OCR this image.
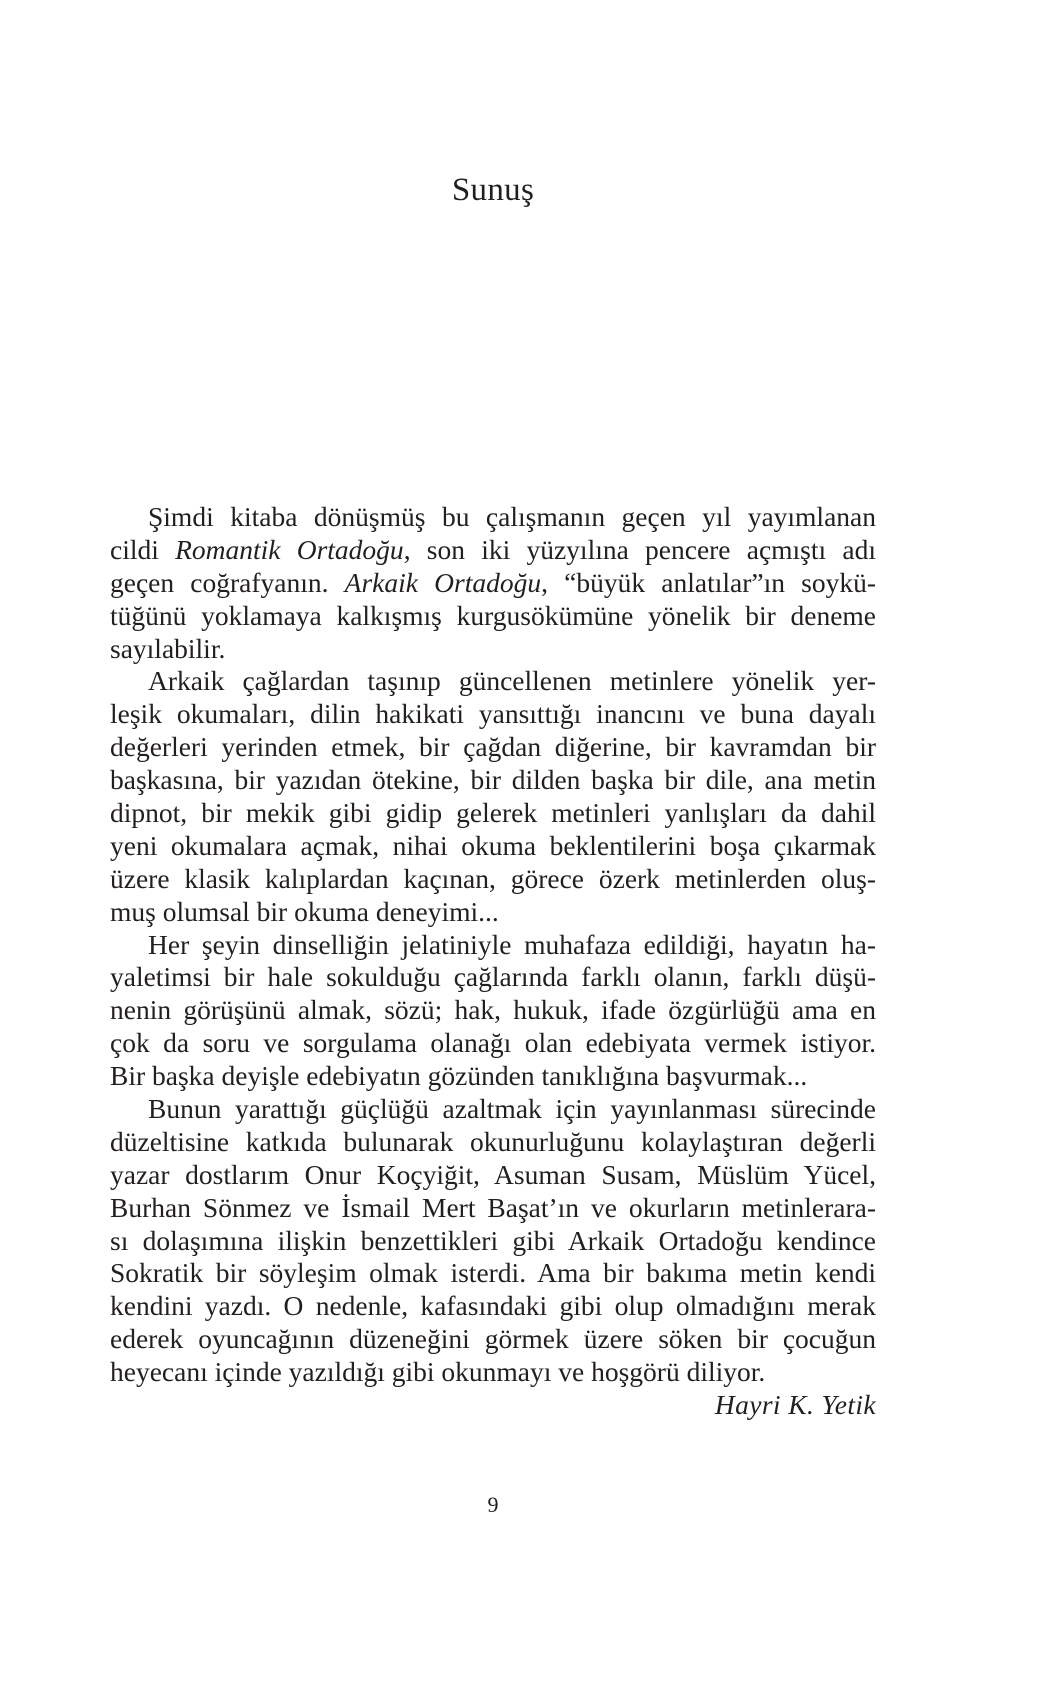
Sunuş
Şimdi kitaba dönüşmüş bu çalışmanın geçen yıl yayımlanan
cildi Romantik Ortadoğu, son iki yüzyılına pencere açmıştı adı
geçen coğrafyanın. Arkaik Ortadoğu, “büyük anlatılar”ın soykü-
tüğünü yoklamaya kalkışmış kurgusökümüne yönelik bir deneme
sayılabilir.
Arkaik çağlardan taşınıp güncellenen metinlere yönelik yer-
leşik okumaları, dilin hakikati yansıttığı inancını ve buna dayalı
değerleri yerinden etmek, bir çağdan diğerine, bir kavramdan bir
başkasına, bir yazıdan ötekine, bir dilden başka bir dile, ana metin
dipnot, bir mekik gibi gidip gelerek metinleri yanlışları da dahil
yeni okumalara açmak, nihai okuma beklentilerini boşa çıkarmak
üzere klasik kalıplardan kaçınan, görece özerk metinlerden oluş-
muş olumsal bir okuma deneyimi...
Her şeyin dinselliğin jelatiniyle muhafaza edildiği, hayatın ha-
yaletimsi bir hale sokulduğu çağlarında farklı olanın, farklı düşü-
nenin görüşünü almak, sözü; hak, hukuk, ifade özgürlüğü ama en
çok da soru ve sorgulama olanağı olan edebiyata vermek istiyor.
Bir başka deyişle edebiyatın gözünden tanıklığına başvurmak...
Bunun yarattığı güçlüğü azaltmak için yayınlanması sürecinde
düzeltisine katkıda bulunarak okunurluğunu kolaylaştıran değerli
yazar dostlarım Onur Koçyiğit, Asuman Susam, Müslüm Yücel,
Burhan Sönmez ve İsmail Mert Başat’ın ve okurların metinlerara-
sı dolaşımına ilişkin benzettikleri gibi Arkaik Ortadoğu kendince
Sokratik bir söyleşim olmak isterdi. Ama bir bakıma metin kendi
kendini yazdı. O nedenle, kafasındaki gibi olup olmadığını merak
ederek oyuncağının düzeneğini görmek üzere söken bir çocuğun
heyecanı içinde yazıldığı gibi okunmayı ve hoşgörü diliyor.
Hayri K. Yetik
9
